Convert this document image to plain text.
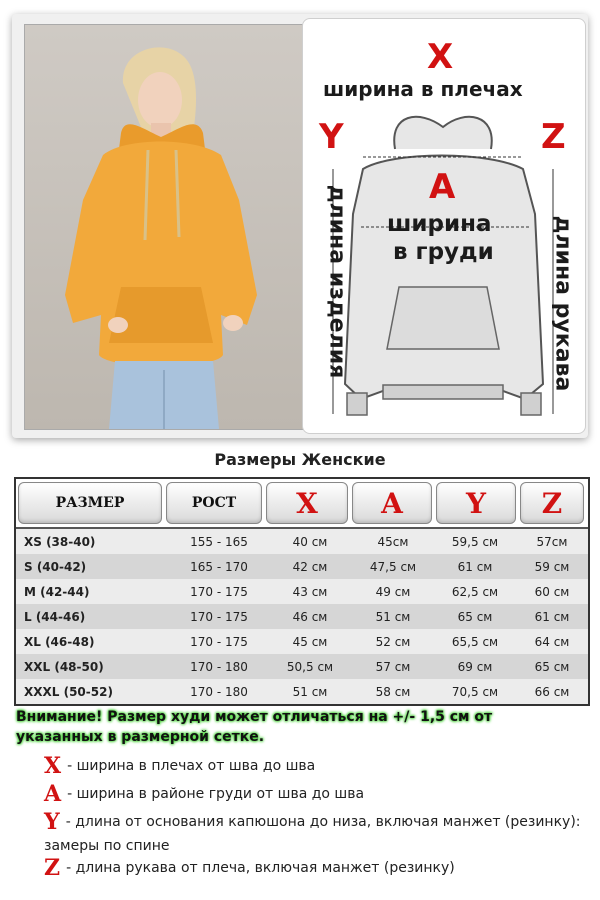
X
ширина в плечах
Y	Z
A
ширина
в груди
длина изделия	длина рукава
Размеры Женские
РАЗМЕР	РОСТ	X	A	Y	Z
XS (38-40)	155 - 165	40 см	45см	59,5 см	57см
S (40-42)	165 - 170	42 см	47,5 см	61 см	59 см
M (42-44)	170 - 175	43 см	49 см	62,5 см	60 см
L (44-46)	170 - 175	46 см	51 см	65 см	61 см
XL (46-48)	170 - 175	45 см	52 см	65,5 см	64 см
XXL (48-50)	170 - 180	50,5 см	57 см	69 см	65 см
XXXL (50-52)	170 - 180	51 см	58 см	70,5 см	66 см
Внимание! Размер худи может отличаться на +/- 1,5 см от указанных в размерной сетке.
X - ширина в плечах от шва до шва
A - ширина в районе груди от шва до шва
Y - длина от основания капюшона до низа, включая манжет (резинку): замеры по спине
Z - длина рукава от плеча, включая манжет (резинку)
